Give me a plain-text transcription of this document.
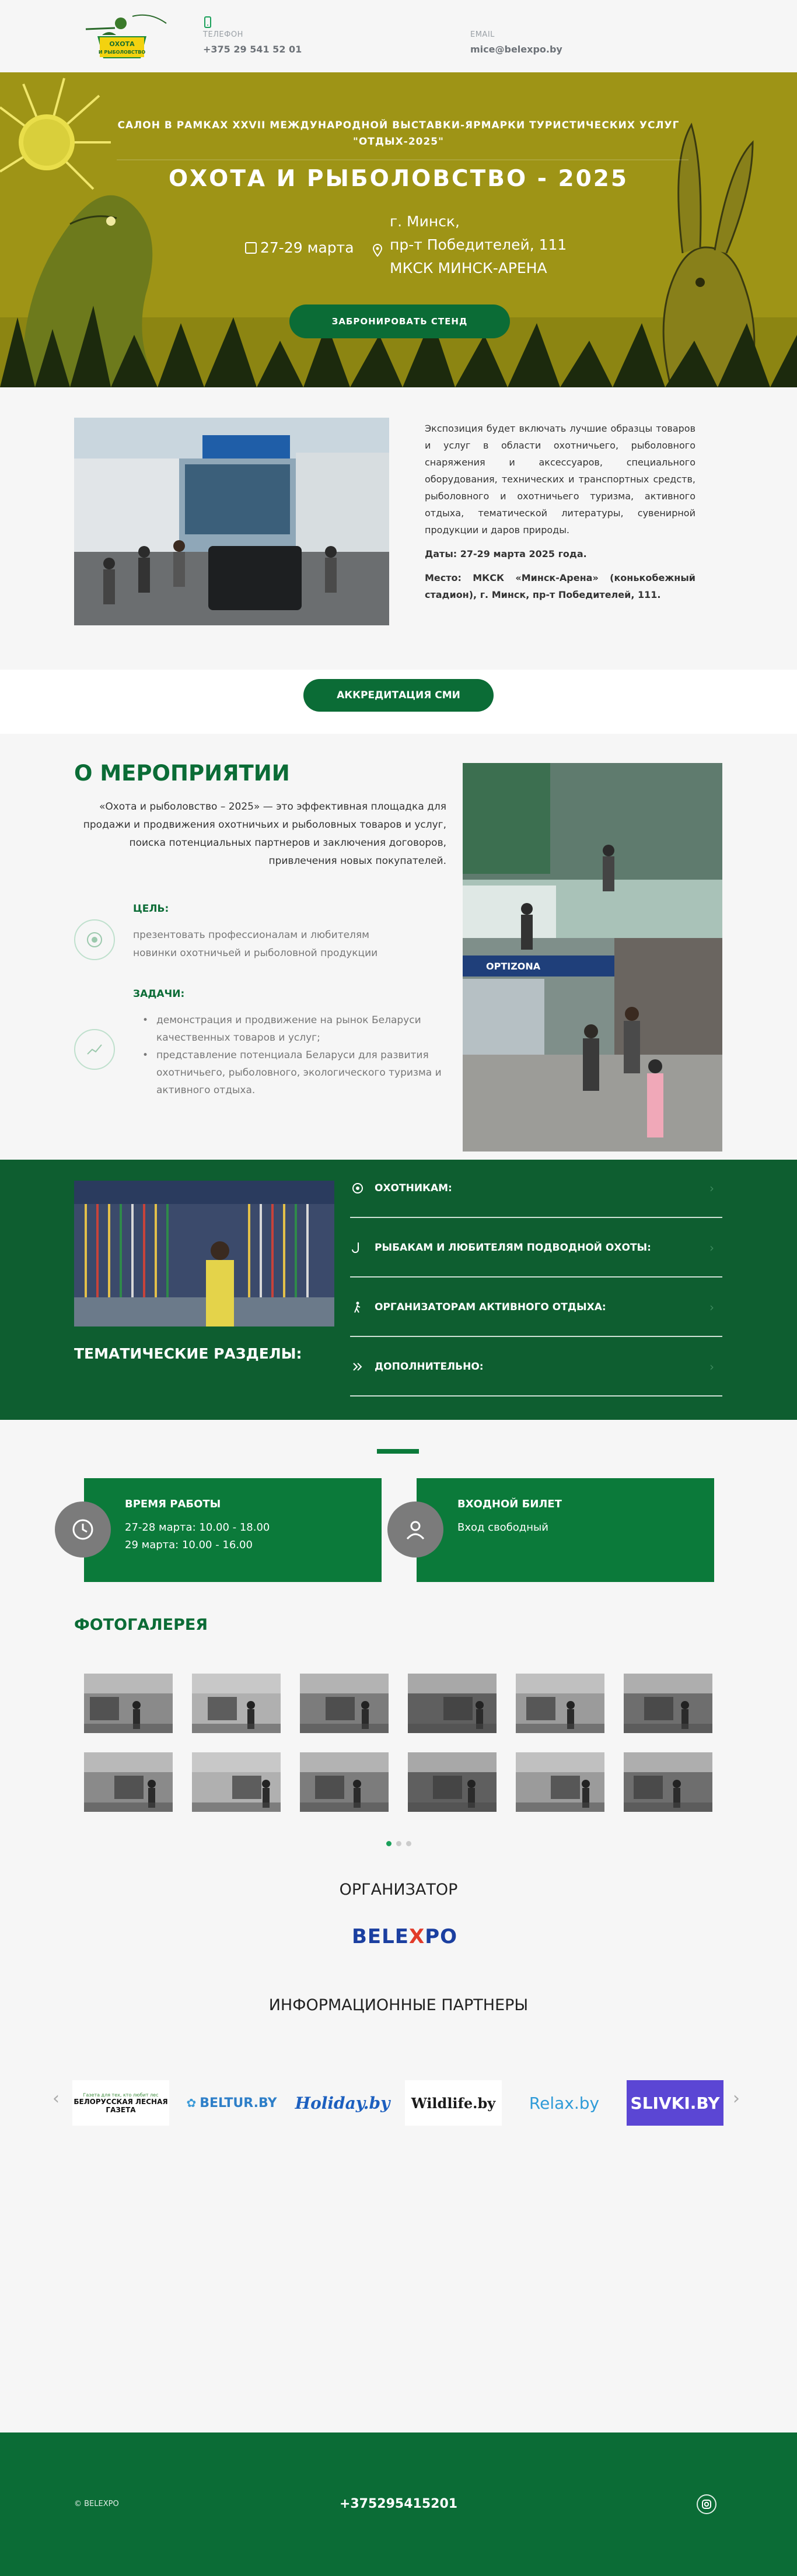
ОХОТА
И РЫБОЛОВСТВО
ТЕЛЕФОН
+375 29 541 52 01
EMAIL
mice@belexpo.by
САЛОН В РАМКАХ XXVII МЕЖДУНАРОДНОЙ ВЫСТАВКИ-ЯРМАРКИ ТУРИСТИЧЕСКИХ УСЛУГ "ОТДЫХ-2025"
ОХОТА И РЫБОЛОВСТВО - 2025
27-29 марта
г. Минск,
пр-т Победителей, 111
МКСК МИНСК-АРЕНА
ЗАБРОНИРОВАТЬ СТЕНД

Экспозиция будет включать лучшие образцы товаров и услуг в области охотничьего, рыболовного снаряжения и аксессуаров, специального оборудования, технических и транспортных средств, рыболовного и охотничьего туризма, активного отдыха, тематической литературы, сувенирной продукции и даров природы.

Даты: 27-29 марта 2025 года.

Место: МКСК «Минск-Арена» (конькобежный стадион), г. Минск, пр-т Победителей, 111.

АККРЕДИТАЦИЯ СМИ
О МЕРОПРИЯТИИ
«Охота и рыболовство – 2025» — это эффективная площадка для продажи и продвижения охотничьих и рыболовных товаров и услуг, поиска потенциальных партнеров и заключения договоров, привлечения новых покупателей.
ЦЕЛЬ:
презентовать профессионалам и любителям новинки охотничьей и рыболовной продукции
ЗАДАЧИ:
• демонстрация и продвижение на рынок Беларуси качественных товаров и услуг;
• представление потенциала Беларуси для развития охотничьего, рыболовного, экологического туризма и активного отдыха.
OPTIZONA
ТЕМАТИЧЕСКИЕ РАЗДЕЛЫ:
ОХОТНИКАМ:	›
РЫБАКАМ И ЛЮБИТЕЛЯМ ПОДВОДНОЙ ОХОТЫ:	›
ОРГАНИЗАТОРАМ АКТИВНОГО ОТДЫХА:	›
ДОПОЛНИТЕЛЬНО:	›
ВРЕМЯ РАБОТЫ
27-28 марта: 10.00 - 18.00
29 марта: 10.00 - 16.00
ВХОДНОЙ БИЛЕТ
Вход свободный
ФОТОГАЛЕРЕЯ
ОРГАНИЗАТОР
BELEXPO
ИНФОРМАЦИОННЫЕ ПАРТНЕРЫ
‹	›
Газета для тех, кто любит лес
БЕЛОРУССКАЯ ЛЕСНАЯ ГАЗЕТА	✿ BELTUR.BY Holiday.by Wildlife.by Relax.by SLIVKI.BY
© BELEXPO	+375295415201
